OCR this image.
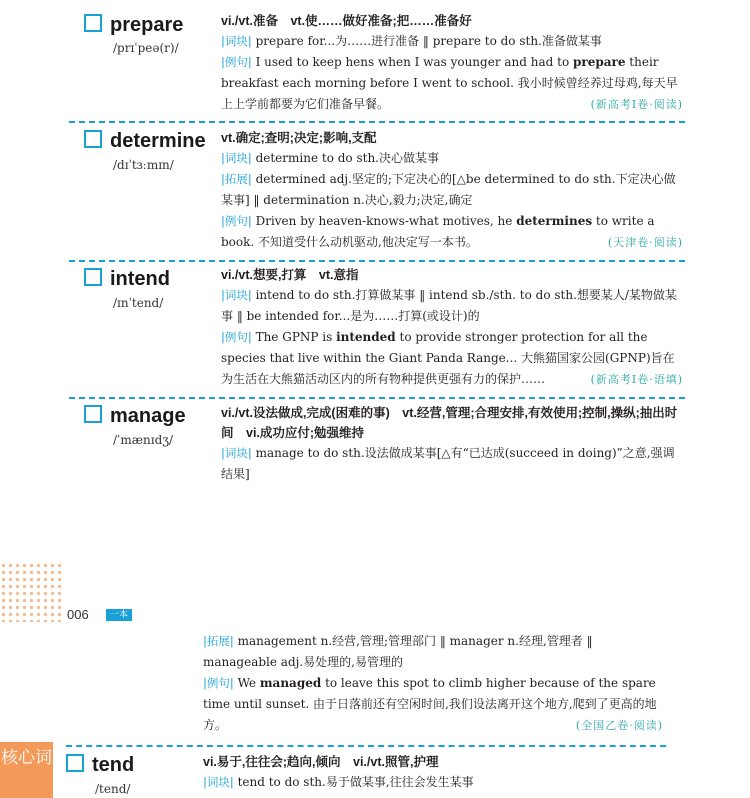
prepare
/prɪˈpeə(r)/
vi./vt.准备　vt.使……做好准备;把……准备好
|词块| prepare for...为……进行准备 ‖ prepare to do sth.准备做某事
|例句| I used to keep hens when I was younger and had to prepare their breakfast each morning before I went to school. 我小时候曾经养过母鸡,每天早上上学前都要为它们准备早餐。	(新高考Ⅰ卷·阅读)
determine
/dɪˈtɜːmɪn/
vt.确定;查明;决定;影响,支配
|词块| determine to do sth.决心做某事
|拓展| determined adj.坚定的;下定决心的[△be determined to do sth.下定决心做某事] ‖ determination n.决心,毅力;决定,确定
|例句| Driven by heaven-knows-what motives, he determines to write a book. 不知道受什么动机驱动,他决定写一本书。	(天津卷·阅读)
intend
/ɪnˈtend/
vi./vt.想要,打算　vt.意指
|词块| intend to do sth.打算做某事 ‖ intend sb./sth. to do sth.想要某人/某物做某事 ‖ be intended for...是为……打算(或设计)的
|例句| The GPNP is intended to provide stronger protection for all the species that live within the Giant Panda Range... 大熊猫国家公园(GPNP)旨在为生活在大熊猫活动区内的所有物种提供更强有力的保护……	(新高考Ⅰ卷·语填)
manage
/ˈmænɪdʒ/
vi./vt.设法做成,完成(困难的事)　vt.经营,管理;合理安排,有效使用;控制,操纵;抽出时间　vi.成功应付;勉强维持
|词块| manage to do sth.设法做成某事[△有“已达成(succeed in doing)”之意,强调结果]
006	一本
|拓展| management n.经营,管理;管理部门 ‖ manager n.经理,管理者 ‖ manageable adj.易处理的,易管理的
|例句| We managed to leave this spot to climb higher because of the spare time until sunset. 由于日落前还有空闲时间,我们设法离开这个地方,爬到了更高的地方。	(全国乙卷·阅读)
tend
/tend/
vi.易于,往往会;趋向,倾向　vi./vt.照管,护理
|词块| tend to do sth.易于做某事,往往会发生某事
核心词
